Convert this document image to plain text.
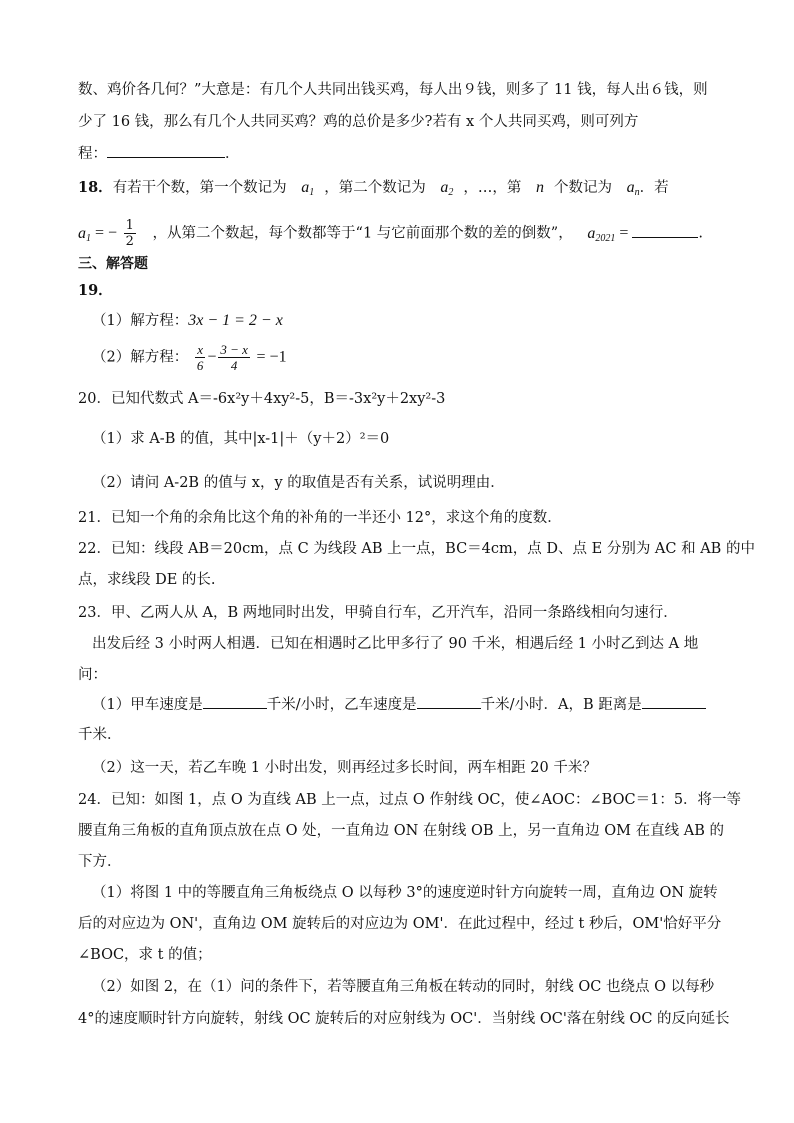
数、鸡价各几何？”大意是：有几个人共同出钱买鸡，每人出９钱，则多了 11 钱，每人出６钱，则
少了 16 钱，那么有几个人共同买鸡？鸡的总价是多少?若有 x 个人共同买鸡，则可列方
程：	．
18．有若干个数，第一个数记为 $a_1$ ，第二个数记为 $a_2$ ，…，第 n 个数记为 $a_n$．若
$a_1$ = − $\frac{1}{2}$ ，从第二个数起，每个数都等于“1 与它前面那个数的差的倒数”， $a_{2021}$ =	.
三、解答题
19．
（1）解方程：3x − 1 = 2 − x
（2）解方程： $\frac{x}{6} - \frac{3 - x}{4} = -1$
20．已知代数式 A＝-6x²y＋4xy²-5，B＝-3x²y＋2xy²-3
（1）求 A-B 的值，其中|x-1|＋（y＋2）²＝0
（2）请问 A-2B 的值与 x，y 的取值是否有关系，试说明理由．
21．已知一个角的余角比这个角的补角的一半还小 12°，求这个角的度数．
22．已知：线段 AB＝20cm，点 C 为线段 AB 上一点，BC＝4cm，点 D、点 E 分别为 AC 和 AB 的中
点，求线段 DE 的长.
23．甲、乙两人从 A，B 两地同时出发，甲骑自行车，乙开汽车，沿同一条路线相向匀速行．
出发后经 3 小时两人相遇．已知在相遇时乙比甲多行了 90 千米，相遇后经 1 小时乙到达 A 地
问：
（1）甲车速度是	千米/小时，乙车速度是	千米/小时．A，B 距离是
千米．
（2）这一天，若乙车晚 1 小时出发，则再经过多长时间，两车相距 20 千米？
24．已知：如图 1，点 O 为直线 AB 上一点，过点 O 作射线 OC，使∠AOC：∠BOC＝1：5．将一等
腰直角三角板的直角顶点放在点 O 处，一直角边 ON 在射线 OB 上，另一直角边 OM 在直线 AB 的
下方．
（1）将图 1 中的等腰直角三角板绕点 O 以每秒 3°的速度逆时针方向旋转一周，直角边 ON 旋转
后的对应边为 ON'，直角边 OM 旋转后的对应边为 OM'．在此过程中，经过 t 秒后，OM'恰好平分
∠BOC，求 t 的值；
（2）如图 2，在（1）问的条件下，若等腰直角三角板在转动的同时，射线 OC 也绕点 O 以每秒
4°的速度顺时针方向旋转，射线 OC 旋转后的对应射线为 OC'．当射线 OC'落在射线 OC 的反向延长
